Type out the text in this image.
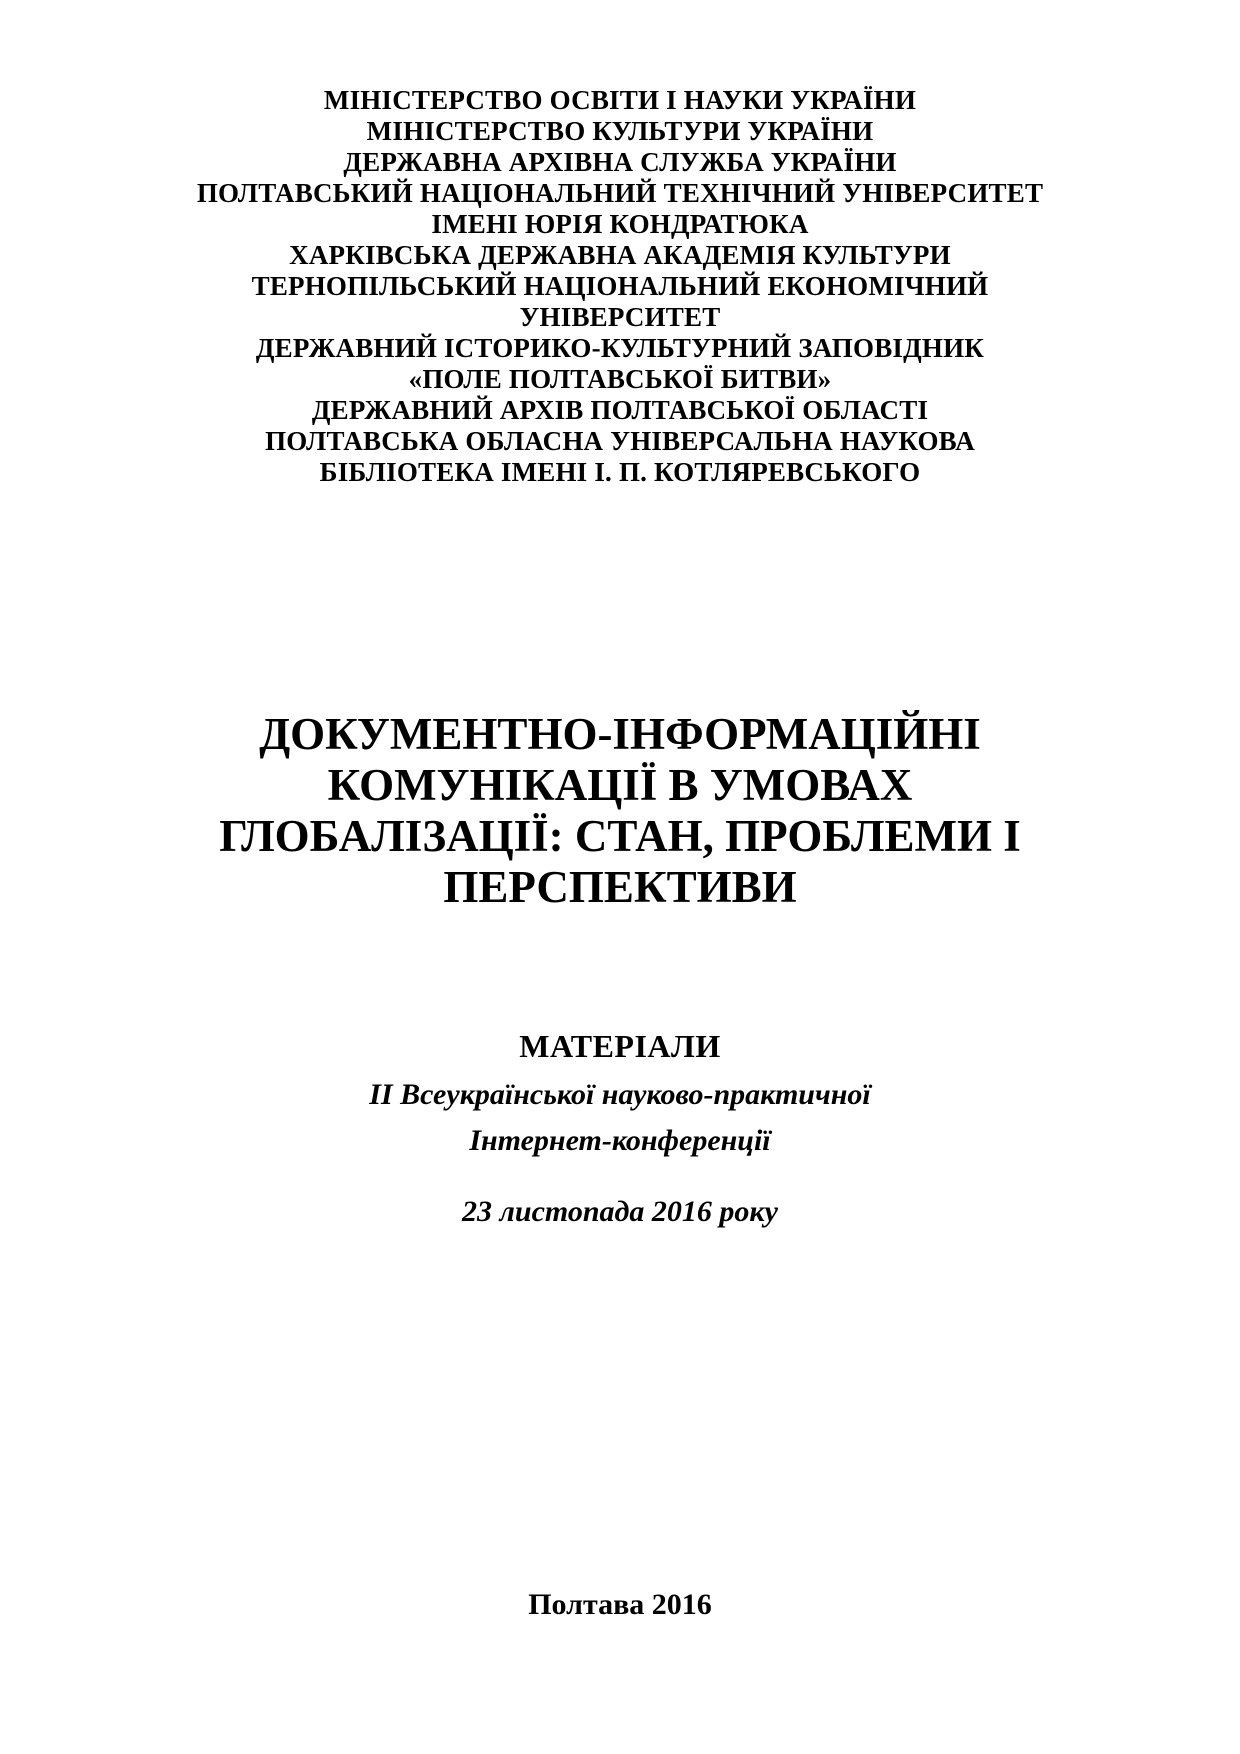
МІНІСТЕРСТВО ОСВІТИ І НАУКИ УКРАЇНИ
МІНІСТЕРСТВО КУЛЬТУРИ УКРАЇНИ
ДЕРЖАВНА АРХІВНА СЛУЖБА УКРАЇНИ
ПОЛТАВСЬКИЙ НАЦІОНАЛЬНИЙ ТЕХНІЧНИЙ УНІВЕРСИТЕТ
ІМЕНІ ЮРІЯ КОНДРАТЮКА
ХАРКІВСЬКА ДЕРЖАВНА АКАДЕМІЯ КУЛЬТУРИ
ТЕРНОПІЛЬСЬКИЙ НАЦІОНАЛЬНИЙ ЕКОНОМІЧНИЙ
УНІВЕРСИТЕТ
ДЕРЖАВНИЙ ІСТОРИКО-КУЛЬТУРНИЙ ЗАПОВІДНИК
«ПОЛЕ ПОЛТАВСЬКОЇ БИТВИ»
ДЕРЖАВНИЙ АРХІВ ПОЛТАВСЬКОЇ ОБЛАСТІ
ПОЛТАВСЬКА ОБЛАСНА УНІВЕРСАЛЬНА НАУКОВА
БІБЛІОТЕКА ІМЕНІ І. П. КОТЛЯРЕВСЬКОГО
ДОКУМЕНТНО-ІНФОРМАЦІЙНІ
КОМУНІКАЦІЇ В УМОВАХ
ГЛОБАЛІЗАЦІЇ: СТАН, ПРОБЛЕМИ І
ПЕРСПЕКТИВИ
МАТЕРІАЛИ
ІІ Всеукраїнської науково-практичної
Інтернет-конференції
23 листопада 2016 року
Полтава 2016
